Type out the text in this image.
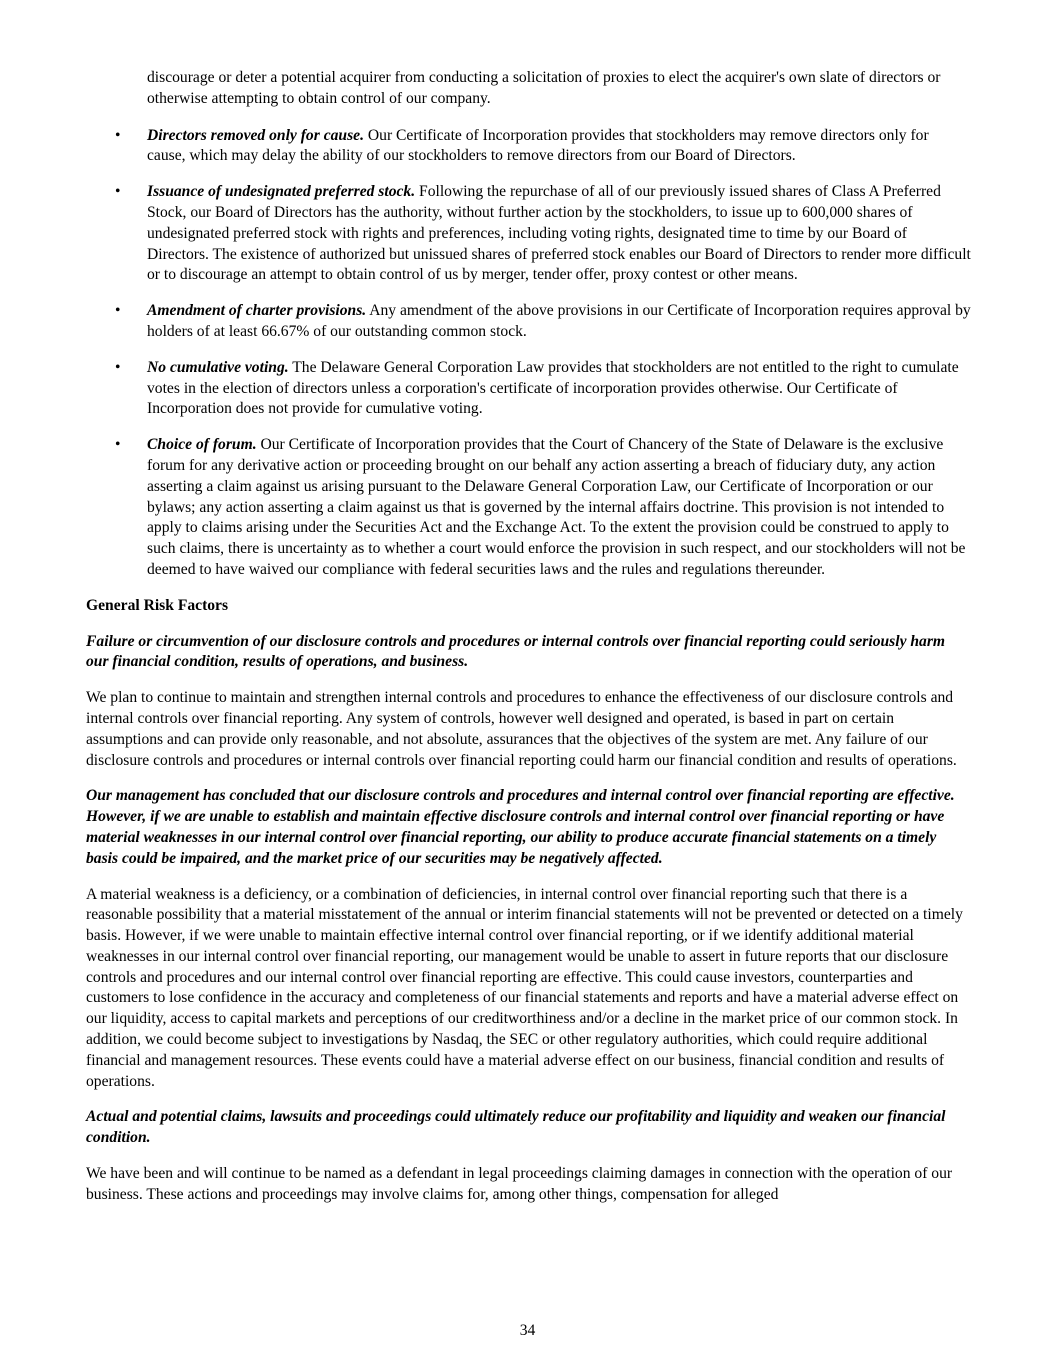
discourage or deter a potential acquirer from conducting a solicitation of proxies to elect the acquirer's own slate of directors or otherwise attempting to obtain control of our company.

• Directors removed only for cause. Our Certificate of Incorporation provides that stockholders may remove directors only for cause, which may delay the ability of our stockholders to remove directors from our Board of Directors.
• Issuance of undesignated preferred stock. Following the repurchase of all of our previously issued shares of Class A Preferred Stock, our Board of Directors has the authority, without further action by the stockholders, to issue up to 600,000 shares of undesignated preferred stock with rights and preferences, including voting rights, designated time to time by our Board of Directors. The existence of authorized but unissued shares of preferred stock enables our Board of Directors to render more difficult or to discourage an attempt to obtain control of us by merger, tender offer, proxy contest or other means.
• Amendment of charter provisions. Any amendment of the above provisions in our Certificate of Incorporation requires approval by holders of at least 66.67% of our outstanding common stock.
• No cumulative voting. The Delaware General Corporation Law provides that stockholders are not entitled to the right to cumulate votes in the election of directors unless a corporation's certificate of incorporation provides otherwise. Our Certificate of Incorporation does not provide for cumulative voting.
• Choice of forum. Our Certificate of Incorporation provides that the Court of Chancery of the State of Delaware is the exclusive forum for any derivative action or proceeding brought on our behalf any action asserting a breach of fiduciary duty, any action asserting a claim against us arising pursuant to the Delaware General Corporation Law, our Certificate of Incorporation or our bylaws; any action asserting a claim against us that is governed by the internal affairs doctrine. This provision is not intended to apply to claims arising under the Securities Act and the Exchange Act. To the extent the provision could be construed to apply to such claims, there is uncertainty as to whether a court would enforce the provision in such respect, and our stockholders will not be deemed to have waived our compliance with federal securities laws and the rules and regulations thereunder.
General Risk Factors
Failure or circumvention of our disclosure controls and procedures or internal controls over financial reporting could seriously harm our financial condition, results of operations, and business.

We plan to continue to maintain and strengthen internal controls and procedures to enhance the effectiveness of our disclosure controls and internal controls over financial reporting. Any system of controls, however well designed and operated, is based in part on certain assumptions and can provide only reasonable, and not absolute, assurances that the objectives of the system are met. Any failure of our disclosure controls and procedures or internal controls over financial reporting could harm our financial condition and results of operations.

Our management has concluded that our disclosure controls and procedures and internal control over financial reporting are effective. However, if we are unable to establish and maintain effective disclosure controls and internal control over financial reporting or have material weaknesses in our internal control over financial reporting, our ability to produce accurate financial statements on a timely basis could be impaired, and the market price of our securities may be negatively affected.

A material weakness is a deficiency, or a combination of deficiencies, in internal control over financial reporting such that there is a reasonable possibility that a material misstatement of the annual or interim financial statements will not be prevented or detected on a timely basis. However, if we were unable to maintain effective internal control over financial reporting, or if we identify additional material weaknesses in our internal control over financial reporting, our management would be unable to assert in future reports that our disclosure controls and procedures and our internal control over financial reporting are effective. This could cause investors, counterparties and customers to lose confidence in the accuracy and completeness of our financial statements and reports and have a material adverse effect on our liquidity, access to capital markets and perceptions of our creditworthiness and/or a decline in the market price of our common stock. In addition, we could become subject to investigations by Nasdaq, the SEC or other regulatory authorities, which could require additional financial and management resources. These events could have a material adverse effect on our business, financial condition and results of operations.

Actual and potential claims, lawsuits and proceedings could ultimately reduce our profitability and liquidity and weaken our financial condition.

We have been and will continue to be named as a defendant in legal proceedings claiming damages in connection with the operation of our business. These actions and proceedings may involve claims for, among other things, compensation for alleged

34
